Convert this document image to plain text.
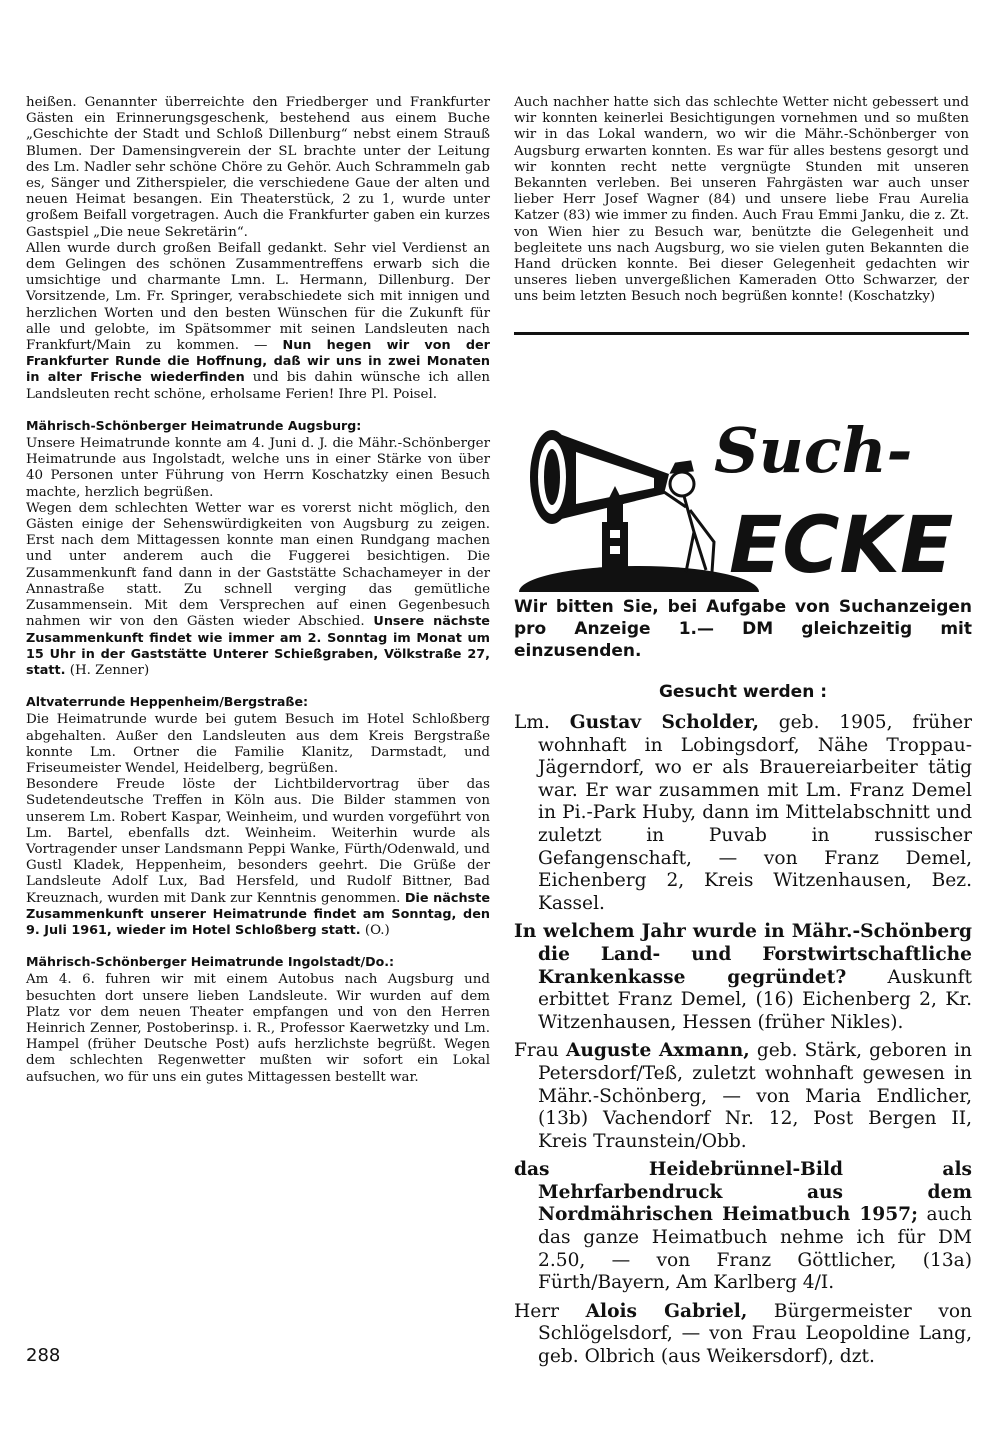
heißen. Genannter überreichte den Friedberger und Frankfurter Gästen ein Erinnerungsgeschenk, bestehend aus einem Buche „Geschichte der Stadt und Schloß Dillenburg“ nebst einem Strauß Blumen. Der Damensingverein der SL brachte unter der Leitung des Lm. Nadler sehr schöne Chöre zu Gehör. Auch Schrammeln gab es, Sänger und Zitherspieler, die verschiedene Gaue der alten und neuen Heimat besangen. Ein Theaterstück, 2 zu 1, wurde unter großem Beifall vorgetragen. Auch die Frankfurter gaben ein kurzes Gastspiel „Die neue Sekretärin“.

Allen wurde durch großen Beifall gedankt. Sehr viel Verdienst an dem Gelingen des schönen Zusammentreffens erwarb sich die umsichtige und charmante Lmn. L. Hermann, Dillenburg. Der Vorsitzende, Lm. Fr. Springer, verabschiedete sich mit innigen und herzlichen Worten und den besten Wünschen für die Zukunft für alle und gelobte, im Spätsommer mit seinen Landsleuten nach Frankfurt/Main zu kommen. — Nun hegen wir von der Frankfurter Runde die Hoffnung, daß wir uns in zwei Monaten in alter Frische wiederfinden und bis dahin wünsche ich allen Landsleuten recht schöne, erholsame Ferien! Ihre Pl. Poisel.

Mährisch-Schönberger Heimatrunde Augsburg:

Unsere Heimatrunde konnte am 4. Juni d. J. die Mähr.-Schönberger Heimatrunde aus Ingolstadt, welche uns in einer Stärke von über 40 Personen unter Führung von Herrn Koschatzky einen Besuch machte, herzlich begrüßen.

Wegen dem schlechten Wetter war es vorerst nicht möglich, den Gästen einige der Sehenswürdigkeiten von Augsburg zu zeigen. Erst nach dem Mittagessen konnte man einen Rundgang machen und unter anderem auch die Fuggerei besichtigen. Die Zusammenkunft fand dann in der Gaststätte Schachameyer in der Annastraße statt. Zu schnell verging das gemütliche Zusammensein. Mit dem Versprechen auf einen Gegenbesuch nahmen wir von den Gästen wieder Abschied. Unsere nächste Zusammenkunft findet wie immer am 2. Sonntag im Monat um 15 Uhr in der Gaststätte Unterer Schießgraben, Völkstraße 27, statt. (H. Zenner)

Altvaterrunde Heppenheim/Bergstraße:

Die Heimatrunde wurde bei gutem Besuch im Hotel Schloßberg abgehalten. Außer den Landsleuten aus dem Kreis Bergstraße konnte Lm. Ortner die Familie Klanitz, Darmstadt, und Friseumeister Wendel, Heidelberg, begrüßen.

Besondere Freude löste der Lichtbildervortrag über das Sudetendeutsche Treffen in Köln aus. Die Bilder stammen von unserem Lm. Robert Kaspar, Weinheim, und wurden vorgeführt von Lm. Bartel, ebenfalls dzt. Weinheim. Weiterhin wurde als Vortragender unser Landsmann Peppi Wanke, Fürth/Odenwald, und Gustl Kladek, Heppenheim, besonders geehrt. Die Grüße der Landsleute Adolf Lux, Bad Hersfeld, und Rudolf Bittner, Bad Kreuznach, wurden mit Dank zur Kenntnis genommen. Die nächste Zusammenkunft unserer Heimatrunde findet am Sonntag, den 9. Juli 1961, wieder im Hotel Schloßberg statt. (O.)

Mährisch-Schönberger Heimatrunde Ingolstadt/Do.:

Am 4. 6. fuhren wir mit einem Autobus nach Augsburg und besuchten dort unsere lieben Landsleute. Wir wurden auf dem Platz vor dem neuen Theater empfangen und von den Herren Heinrich Zenner, Postoberinsp. i. R., Professor Kaerwetzky und Lm. Hampel (früher Deutsche Post) aufs herzlichste begrüßt. Wegen dem schlechten Regenwetter mußten wir sofort ein Lokal aufsuchen, wo für uns ein gutes Mittagessen bestellt war.

Auch nachher hatte sich das schlechte Wetter nicht gebessert und wir konnten keinerlei Besichtigungen vornehmen und so mußten wir in das Lokal wandern, wo wir die Mähr.-Schönberger von Augsburg erwarten konnten. Es war für alles bestens gesorgt und wir konnten recht nette vergnügte Stunden mit unseren Bekannten verleben. Bei unseren Fahrgästen war auch unser lieber Herr Josef Wagner (84) und unsere liebe Frau Aurelia Katzer (83) wie immer zu finden. Auch Frau Emmi Janku, die z. Zt. von Wien hier zu Besuch war, benützte die Gelegenheit und begleitete uns nach Augsburg, wo sie vielen guten Bekannten die Hand drücken konnte. Bei dieser Gelegenheit gedachten wir unseres lieben unvergeßlichen Kameraden Otto Schwarzer, der uns beim letzten Besuch noch begrüßen konnte! (Koschatzky)

Such-
ECKE
Wir bitten Sie, bei Aufgabe von Suchanzeigen pro Anzeige 1.— DM gleichzeitig mit einzusenden.
Gesucht werden :

Lm. Gustav Scholder, geb. 1905, früher wohnhaft in Lobingsdorf, Nähe Troppau-Jägerndorf, wo er als Brauereiarbeiter tätig war. Er war zusammen mit Lm. Franz Demel in Pi.-Park Huby, dann im Mittelabschnitt und zuletzt in Puvab in russischer Gefangenschaft, — von Franz Demel, Eichenberg 2, Kreis Witzenhausen, Bez. Kassel.

In welchem Jahr wurde in Mähr.-Schönberg die Land- und Forstwirtschaftliche Krankenkasse gegründet? Auskunft erbittet Franz Demel, (16) Eichenberg 2, Kr. Witzenhausen, Hessen (früher Nikles).

Frau Auguste Axmann, geb. Stärk, geboren in Petersdorf/Teß, zuletzt wohnhaft gewesen in Mähr.-Schönberg, — von Maria Endlicher, (13b) Vachendorf Nr. 12, Post Bergen II, Kreis Traunstein/Obb.

das Heidebrünnel-Bild als Mehrfarbendruck aus dem Nordmährischen Heimatbuch 1957; auch das ganze Heimatbuch nehme ich für DM 2.50, — von Franz Göttlicher, (13a) Fürth/Bayern, Am Karlberg 4/I.

Herr Alois Gabriel, Bürgermeister von Schlögelsdorf, — von Frau Leopoldine Lang, geb. Olbrich (aus Weikersdorf), dzt.

288
